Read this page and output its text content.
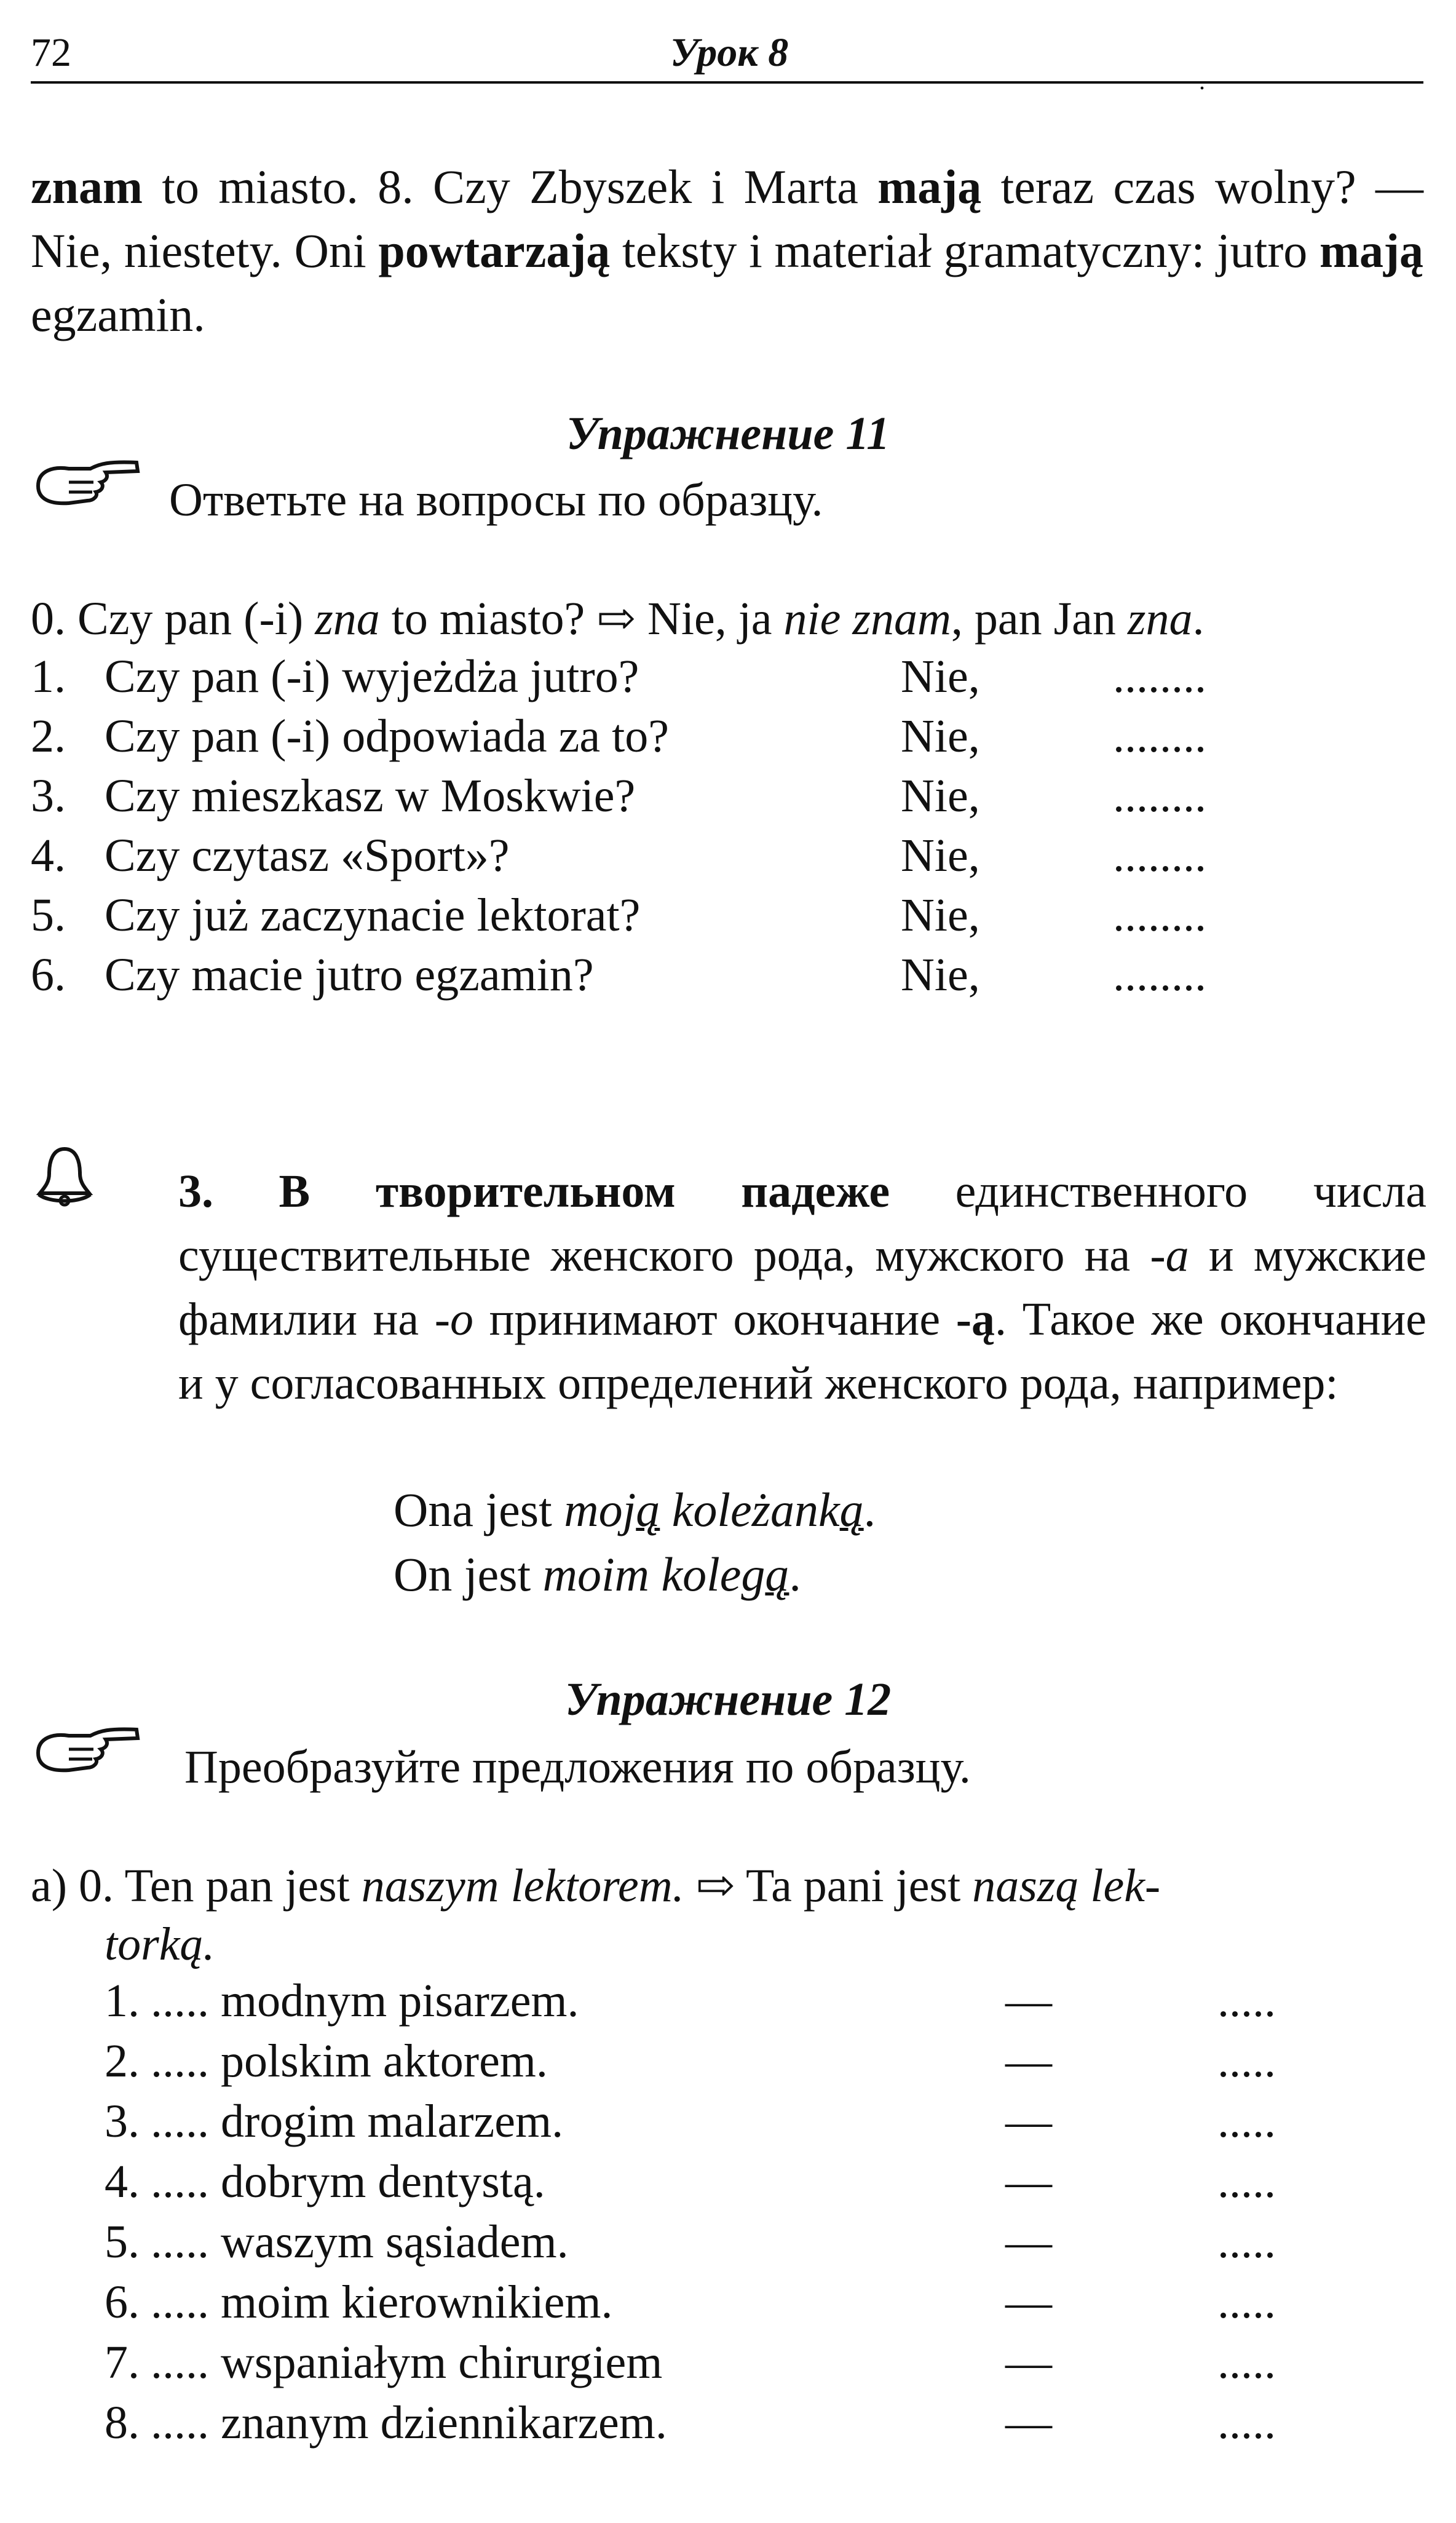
72	Урок 8
.

znam to miasto. 8. Czy Zbyszek i Marta mają teraz czas wolny? — Nie, niestety. Oni powtarzają teksty i materiał gramatyczny: jutro mają egzamin.

Упражнение 11

Ответьте на вопросы по образцу.

0. Czy pan (-i) zna to miasto? ⇨ Nie, ja nie znam, pan Jan zna.
1. Czy pan (-i) wyjeżdża jutro?	Nie,	........
2. Czy pan (-i) odpowiada za to?	Nie,	........
3. Czy mieszkasz w Moskwie?	Nie,	........
4. Czy czytasz «Sport»?	Nie,	........
5. Czy już zaczynacie lektorat?	Nie,	........
6. Czy macie jutro egzamin?	Nie,	........

3. В творительном падеже единственного числа существительные женского рода, мужского на -а и мужские фамилии на -о принимают окончание -ą. Такое же окончание и у согласованных определений женского рода, например:

Ona jest moją koleżanką.
On jest moim kolegą.

Упражнение 12

Преобразуйте предложения по образцу.

a) 0. Ten pan jest naszym lektorem. ⇨ Ta pani jest naszą lek-
torką.
1. ..... modnym pisarzem.	—	.....
2. ..... polskim aktorem.	—	.....
3. ..... drogim malarzem.	—	.....
4. ..... dobrym dentystą.	—	.....
5. ..... waszym sąsiadem.	—	.....
6. ..... moim kierownikiem.	—	.....
7. ..... wspaniałym chirurgiem	—	.....
8. ..... znanym dziennikarzem.	—	.....
